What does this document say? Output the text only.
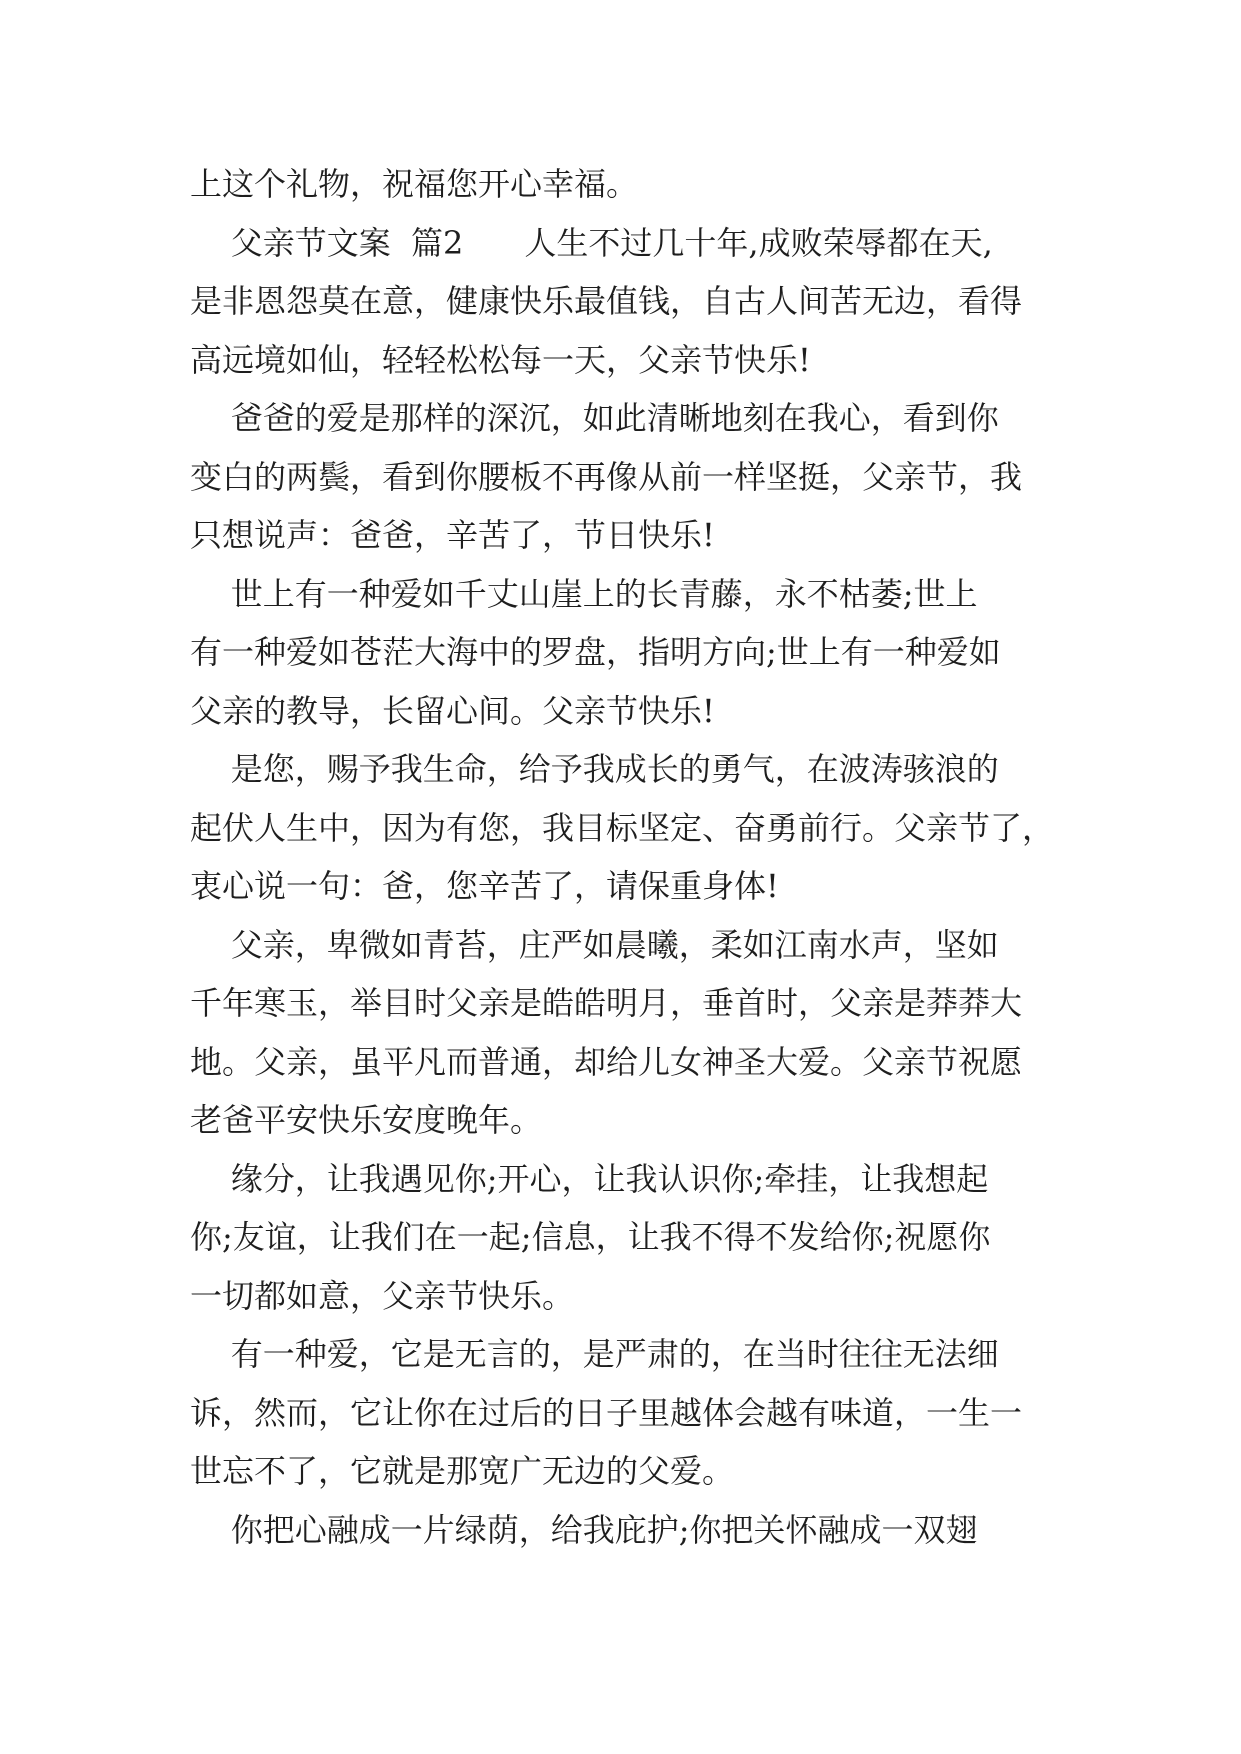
上这个礼物，祝福您开心幸福。
父亲节文案  篇2      人生不过几十年,成败荣辱都在天,
是非恩怨莫在意，健康快乐最值钱，自古人间苦无边，看得
高远境如仙，轻轻松松每一天，父亲节快乐!
爸爸的爱是那样的深沉，如此清晰地刻在我心，看到你
变白的两鬓，看到你腰板不再像从前一样坚挺，父亲节，我
只想说声：爸爸，辛苦了，节日快乐!
世上有一种爱如千丈山崖上的长青藤，永不枯萎;世上
有一种爱如苍茫大海中的罗盘，指明方向;世上有一种爱如
父亲的教导，长留心间。父亲节快乐!
是您，赐予我生命，给予我成长的勇气，在波涛骇浪的
起伏人生中，因为有您，我目标坚定、奋勇前行。父亲节了，
衷心说一句：爸，您辛苦了，请保重身体!
父亲，卑微如青苔，庄严如晨曦，柔如江南水声，坚如
千年寒玉，举目时父亲是皓皓明月，垂首时，父亲是莽莽大
地。父亲，虽平凡而普通，却给儿女神圣大爱。父亲节祝愿
老爸平安快乐安度晚年。
缘分，让我遇见你;开心，让我认识你;牵挂，让我想起
你;友谊，让我们在一起;信息，让我不得不发给你;祝愿你
一切都如意，父亲节快乐。
有一种爱，它是无言的，是严肃的，在当时往往无法细
诉，然而，它让你在过后的日子里越体会越有味道，一生一
世忘不了，它就是那宽广无边的父爱。
你把心融成一片绿荫，给我庇护;你把关怀融成一双翅
